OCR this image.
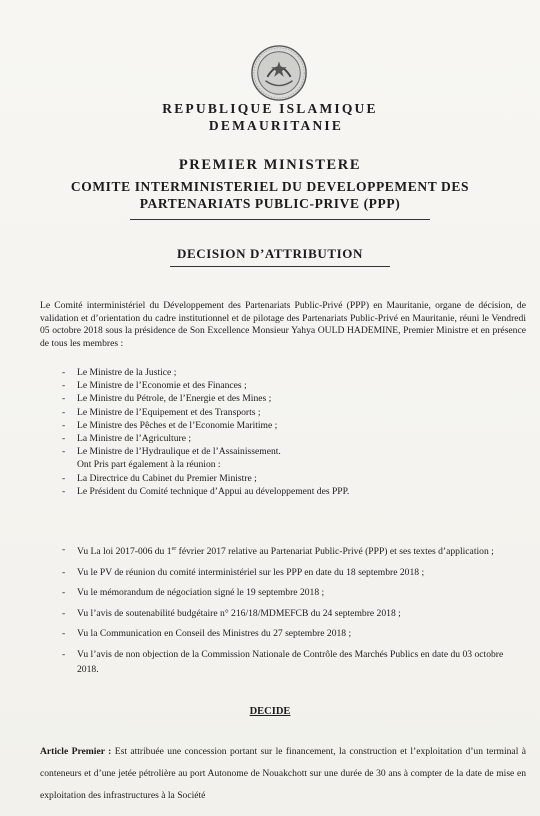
REPUBLIQUE ISLAMIQUE
DEMAURITANIE
PREMIER MINISTERE
COMITE INTERMINISTERIEL DU DEVELOPPEMENT DES
PARTENARIATS PUBLIC-PRIVE (PPP)
DECISION D’ATTRIBUTION
Le Comité interministériel du Développement des Partenariats Public-Privé (PPP) en Mauritanie, organe de décision, de validation et d’orientation du cadre institutionnel et de pilotage des Partenariats Public-Privé en Mauritanie, réuni le Vendredi 05 octobre 2018 sous la présidence de Son Excellence Monsieur Yahya OULD HADEMINE, Premier Ministre et en présence de tous les membres :
- Le Ministre de la Justice ;
- Le Ministre de l’Economie et des Finances ;
- Le Ministre du Pétrole, de l’Energie et des Mines ;
- Le Ministre de l’Equipement et des Transports ;
- Le Ministre des Pêches et de l’Economie Maritime ;
- La Ministre de l’Agriculture ;
- Le Ministre de l’Hydraulique et de l’Assainissement.
Ont Pris part également à la réunion :
- La Directrice du Cabinet du Premier Ministre ;
- Le Président du Comité technique d’Appui au développement des PPP.
- Vu La loi 2017-006 du 1er février 2017 relative au Partenariat Public-Privé (PPP) et ses textes d’application ;
- Vu le PV de réunion du comité interministériel sur les PPP en date du 18 septembre 2018 ;
- Vu le mémorandum de négociation signé le 19 septembre 2018 ;
- Vu l’avis de soutenabilité budgétaire n° 216/18/MDMEFCB du 24 septembre 2018 ;
- Vu la Communication en Conseil des Ministres du 27 septembre 2018 ;
- Vu l’avis de non objection de la Commission Nationale de Contrôle des Marchés Publics en date du 03 octobre 2018.
DECIDE
Article Premier : Est attribuée une concession portant sur le financement, la construction et l’exploitation d’un terminal à conteneurs et d’une jetée pétrolière au port Autonome de Nouakchott sur une durée de 30 ans à compter de la date de mise en exploitation des infrastructures à la Société
